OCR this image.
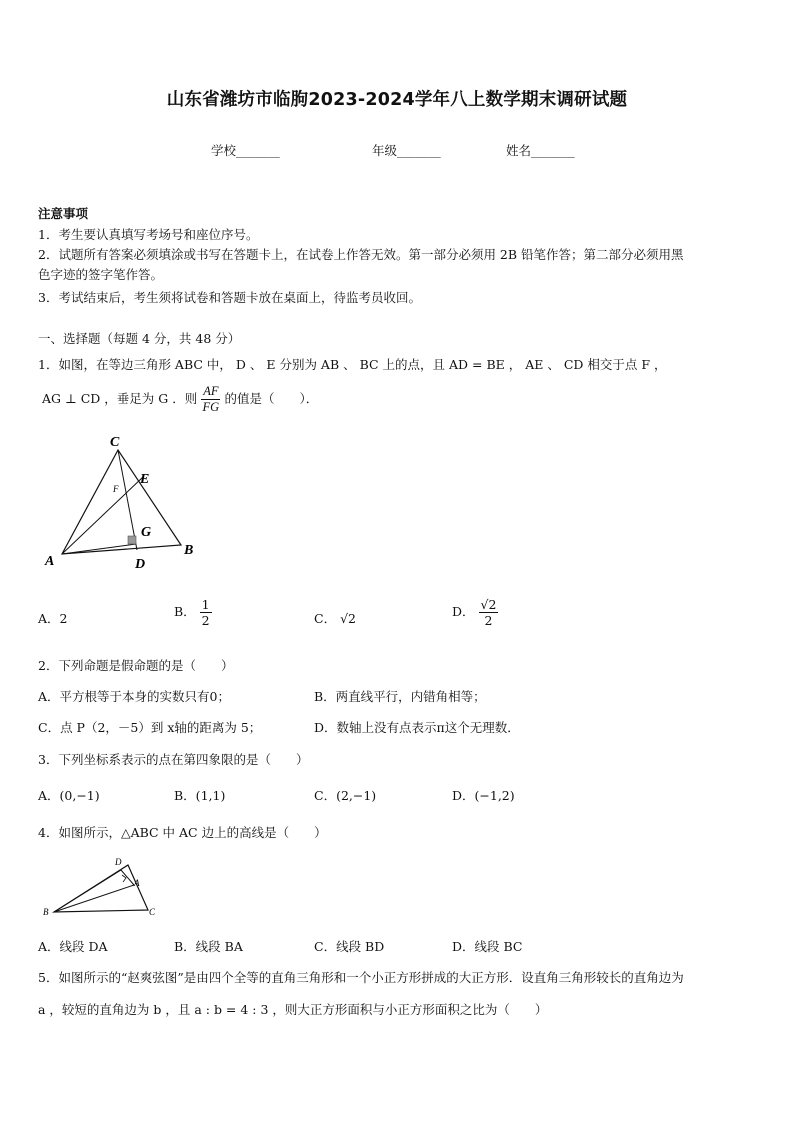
山东省潍坊市临朐2023-2024学年八上数学期末调研试题
学校_______	年级_______	姓名_______
注意事项
1．考生要认真填写考场号和座位序号。
2．试题所有答案必须填涂或书写在答题卡上，在试卷上作答无效。第一部分必须用 2B 铅笔作答；第二部分必须用黑
色字迹的签字笔作答。
3．考试结束后，考生须将试卷和答题卡放在桌面上，待监考员收回。
一、选择题（每题 4 分，共 48 分）
1．如图，在等边三角形 ABC 中， D 、 E 分别为 AB 、 BC 上的点，且 AD = BE ， AE 、 CD 相交于点 F ，
AG ⊥ CD ，垂足为 G ．则 $\frac{AF}{FG}$ 的值是（　　）．
C
E
F
G
A	D
B
A．2	B． $\frac{1}{2}$	C． √2	D． $\frac{√2}{2}$
2．下列命题是假命题的是（　　）
A．平方根等于本身的实数只有0；	B．两直线平行，内错角相等；
C．点 P（2，－5）到 x轴的距离为 5；	D．数轴上没有点表示π这个无理数．
3．下列坐标系表示的点在第四象限的是（　　）
A．(0,−1)	B．(1,1)	C．(2,−1)	D．(−1,2)
4．如图所示，△ABC 中 AC 边上的高线是（　　）
D
A
B	C
A．线段 DA	B．线段 BA	C．线段 BD	D．线段 BC
5．如图所示的“赵爽弦图”是由四个全等的直角三角形和一个小正方形拼成的大正方形．设直角三角形较长的直角边为
a ，较短的直角边为 b ，且 a : b = 4 : 3 ，则大正方形面积与小正方形面积之比为（　　）
